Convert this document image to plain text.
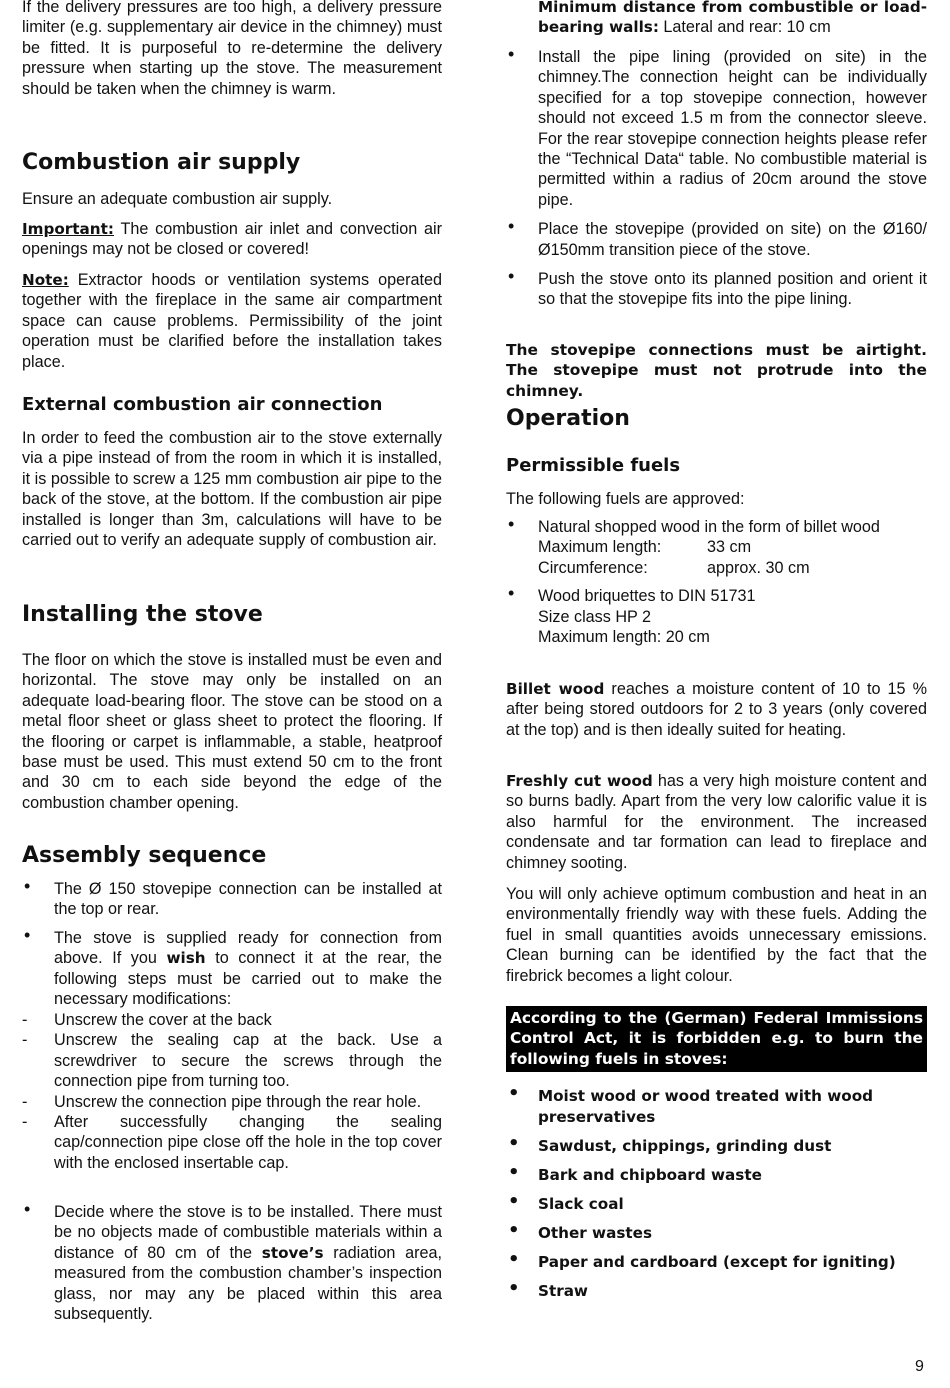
If the delivery pressures are too high, a delivery pressure limiter (e.g. supplementary air device in the chimney) must be fitted. It is purposeful to re-determine the delivery pressure when starting up the stove. The measurement should be taken when the chimney is warm.

Combustion air supply

Ensure an adequate combustion air supply.

Important: The combustion air inlet and convection air openings may not be closed or covered!

Note: Extractor hoods or ventilation systems operated together with the fireplace in the same air compartment space can cause problems. Permissibility of the joint operation must be clarified before the installation takes place.

External combustion air connection

In order to feed the combustion air to the stove externally via a pipe instead of from the room in which it is installed, it is possible to screw a 125 mm combustion air pipe to the back of the stove, at the bottom. If the combustion air pipe installed is longer than 3m, calculations will have to be carried out to verify an adequate supply of combustion air.

Installing the stove

The floor on which the stove is installed must be even and horizontal. The stove may only be installed on an adequate load-bearing floor. The stove can be stood on a metal floor sheet or glass sheet to protect the flooring. If the flooring or carpet is inflammable, a stable, heatproof base must be used. This must extend 50 cm to the front and 30 cm to each side beyond the edge of the combustion chamber opening.

Assembly sequence
• The Ø 150 stovepipe connection can be installed at the top or rear.
• The stove is supplied ready for connection from above. If you wish to connect it at the rear, the following steps must be carried out to make the necessary modifications:
- Unscrew the cover at the back
- Unscrew the sealing cap at the back. Use a screwdriver to secure the screws through the connection pipe from turning too.
- Unscrew the connection pipe through the rear hole.
- After successfully changing the sealing cap/connection pipe close off the hole in the top cover with the enclosed insertable cap.
• Decide where the stove is to be installed. There must be no objects made of combustible materials within a distance of 80 cm of the stove’s radiation area, measured from the combustion chamber’s inspection glass, nor may any be placed within this area subsequently.

Minimum distance from combustible or load-bearing walls: Lateral and rear: 10 cm

• Install the pipe lining (provided on site) in the chimney.The connection height can be individually specified for a top stovepipe connection, however should not exceed 1.5 m from the connector sleeve. For the rear stovepipe connection heights please refer the “Technical Data“ table. No combustible material is permitted within a radius of 20cm around the stove pipe.
• Place the stovepipe (provided on site) on the Ø160/Ø150mm transition piece of the stove.
• Push the stove onto its planned position and orient it so that the stovepipe fits into the pipe lining.

The stovepipe connections must be airtight. The stovepipe must not protrude into the chimney.

Operation
Permissible fuels

The following fuels are approved:

• Natural shopped wood in the form of billet wood
Maximum length:	33 cm
Circumference:	approx. 30 cm
• Wood briquettes to DIN 51731
Size class HP 2
Maximum length: 20 cm

Billet wood reaches a moisture content of 10 to 15 % after being stored outdoors for 2 to 3 years (only covered at the top) and is then ideally suited for heating.

Freshly cut wood has a very high moisture content and so burns badly. Apart from the very low calorific value it is also harmful for the environment. The increased condensate and tar formation can lead to fireplace and chimney sooting.

You will only achieve optimum combustion and heat in an environmentally friendly way with these fuels. Adding the fuel in small quantities avoids unnecessary emissions. Clean burning can be identified by the fact that the firebrick becomes a light colour.

According to the (German) Federal Immissions Control Act, it is forbidden e.g. to burn the following fuels in stoves:

• Moist wood or wood treated with wood preservatives
• Sawdust, chippings, grinding dust
• Bark and chipboard waste
• Slack coal
• Other wastes
• Paper and cardboard (except for igniting)
• Straw
9
